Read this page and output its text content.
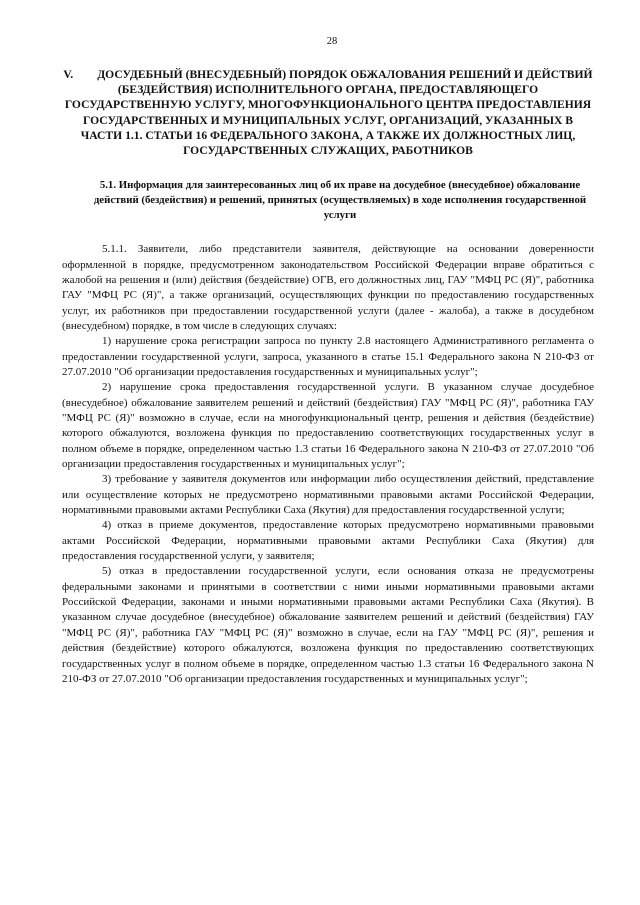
28
V. ДОСУДЕБНЫЙ (ВНЕСУДЕБНЫЙ) ПОРЯДОК ОБЖАЛОВАНИЯ РЕШЕНИЙ И ДЕЙСТВИЙ (БЕЗДЕЙСТВИЯ) ИСПОЛНИТЕЛЬНОГО ОРГАНА, ПРЕДОСТАВЛЯЮЩЕГО ГОСУДАРСТВЕННУЮ УСЛУГУ, МНОГОФУНКЦИОНАЛЬНОГО ЦЕНТРА ПРЕДОСТАВЛЕНИЯ ГОСУДАРСТВЕННЫХ И МУНИЦИПАЛЬНЫХ УСЛУГ, ОРГАНИЗАЦИЙ, УКАЗАННЫХ В ЧАСТИ 1.1. СТАТЬИ 16 ФЕДЕРАЛЬНОГО ЗАКОНА, А ТАКЖЕ ИХ ДОЛЖНОСТНЫХ ЛИЦ, ГОСУДАРСТВЕННЫХ СЛУЖАЩИХ, РАБОТНИКОВ
5.1. Информация для заинтересованных лиц об их праве на досудебное (внесудебное) обжалование действий (бездействия) и решений, принятых (осуществляемых) в ходе исполнения государственной услуги

5.1.1. Заявители, либо представители заявителя, действующие на основании доверенности оформленной в порядке, предусмотренном законодательством Российской Федерации вправе обратиться с жалобой на решения и (или) действия (бездействие) ОГВ, его должностных лиц, ГАУ "МФЦ РС (Я)", работника ГАУ "МФЦ РС (Я)", а также организаций, осуществляющих функции по предоставлению государственных услуг, их работников при предоставлении государственной услуги (далее - жалоба), а также в досудебном (внесудебном) порядке, в том числе в следующих случаях:

1) нарушение срока регистрации запроса по пункту 2.8 настоящего Административного регламента о предоставлении государственной услуги, запроса, указанного в статье 15.1 Федерального закона N 210-ФЗ от 27.07.2010 "Об организации предоставления государственных и муниципальных услуг";

2) нарушение срока предоставления государственной услуги. В указанном случае досудебное (внесудебное) обжалование заявителем решений и действий (бездействия) ГАУ "МФЦ РС (Я)", работника ГАУ "МФЦ РС (Я)" возможно в случае, если на многофункциональный центр, решения и действия (бездействие) которого обжалуются, возложена функция по предоставлению соответствующих государственных услуг в полном объеме в порядке, определенном частью 1.3 статьи 16 Федерального закона N 210-ФЗ от 27.07.2010 "Об организации предоставления государственных и муниципальных услуг";

3) требование у заявителя документов или информации либо осуществления действий, представление или осуществление которых не предусмотрено нормативными правовыми актами Российской Федерации, нормативными правовыми актами Республики Саха (Якутия) для предоставления государственной услуги;

4) отказ в приеме документов, предоставление которых предусмотрено нормативными правовыми актами Российской Федерации, нормативными правовыми актами Республики Саха (Якутия) для предоставления государственной услуги, у заявителя;

5) отказ в предоставлении государственной услуги, если основания отказа не предусмотрены федеральными законами и принятыми в соответствии с ними иными нормативными правовыми актами Российской Федерации, законами и иными нормативными правовыми актами Республики Саха (Якутия). В указанном случае досудебное (внесудебное) обжалование заявителем решений и действий (бездействия) ГАУ "МФЦ РС (Я)", работника ГАУ "МФЦ РС (Я)" возможно в случае, если на ГАУ "МФЦ РС (Я)", решения и действия (бездействие) которого обжалуются, возложена функция по предоставлению соответствующих государственных услуг в полном объеме в порядке, определенном частью 1.3 статьи 16 Федерального закона N 210-ФЗ от 27.07.2010 "Об организации предоставления государственных и муниципальных услуг";
